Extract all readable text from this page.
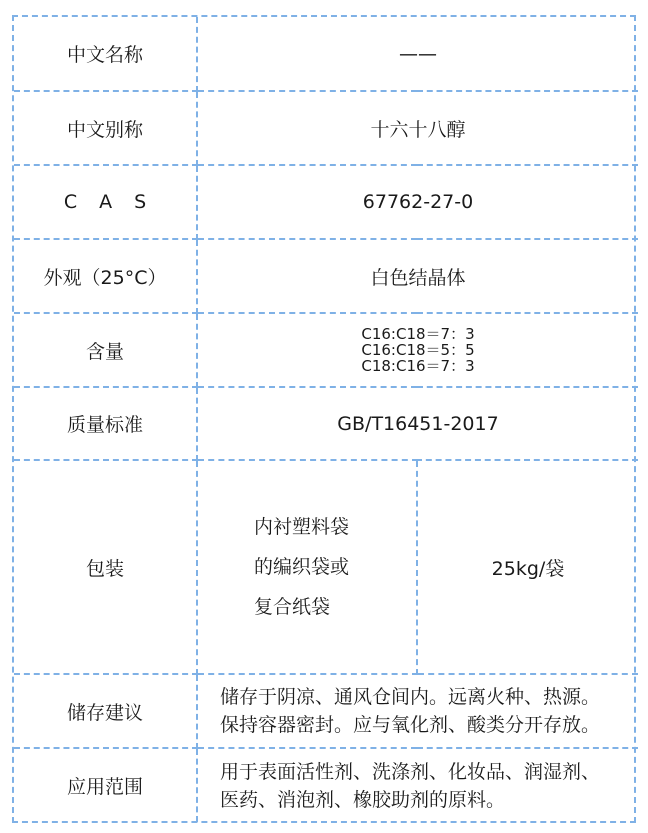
中文名称	——	
中文别称	十六十八醇	
CAS	67762-27-0	
外观（25°C）	白色结晶体	
含量	C16:C18＝7：3
C16:C18＝5：5
C18:C16＝7：3	

质量标准	GB/T16451-2017	
包装	内衬塑料袋
的编织袋或
复合纸袋	25kg/袋
储存建议	储存于阴凉、通风仓间内。远离火种、热源。
保持容器密封。应与氧化剂、酸类分开存放。	

应用范围	用于表面活性剂、洗涤剂、化妆品、润湿剂、
医药、消泡剂、橡胶助剂的原料。	
